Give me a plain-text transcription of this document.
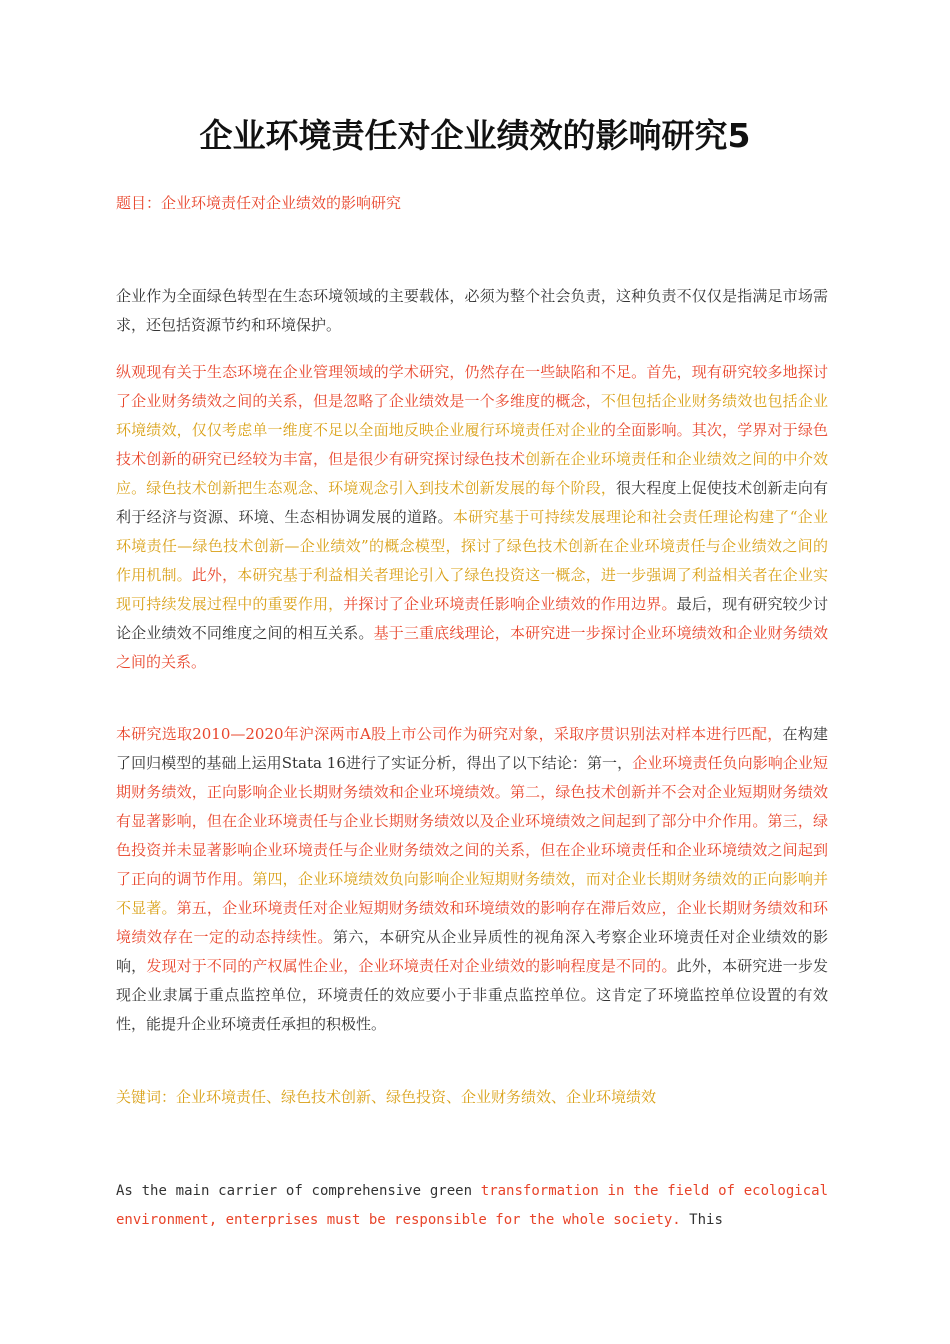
企业环境责任对企业绩效的影响研究5
题目：企业环境责任对企业绩效的影响研究
企业作为全面绿色转型在生态环境领域的主要载体，必须为整个社会负责，这种负责不仅仅是指满足市场需求，还包括资源节约和环境保护。
纵观现有关于生态环境在企业管理领域的学术研究，仍然存在一些缺陷和不足。首先，现有研究较多地探讨了企业财务绩效之间的关系，但是忽略了企业绩效是一个多维度的概念，不但包括企业财务绩效也包括企业环境绩效，仅仅考虑单一维度不足以全面地反映企业履行环境责任对企业的全面影响。其次，学界对于绿色技术创新的研究已经较为丰富，但是很少有研究探讨绿色技术创新在企业环境责任和企业绩效之间的中介效应。绿色技术创新把生态观念、环境观念引入到技术创新发展的每个阶段，很大程度上促使技术创新走向有利于经济与资源、环境、生态相协调发展的道路。本研究基于可持续发展理论和社会责任理论构建了“企业环境责任—绿色技术创新—企业绩效”的概念模型，探讨了绿色技术创新在企业环境责任与企业绩效之间的作用机制。此外，本研究基于利益相关者理论引入了绿色投资这一概念，进一步强调了利益相关者在企业实现可持续发展过程中的重要作用，并探讨了企业环境责任影响企业绩效的作用边界。最后，现有研究较少讨论企业绩效不同维度之间的相互关系。基于三重底线理论，本研究进一步探讨企业环境绩效和企业财务绩效之间的关系。
本研究选取2010—2020年沪深两市A股上市公司作为研究对象，采取序贯识别法对样本进行匹配，在构建了回归模型的基础上运用Stata 16进行了实证分析，得出了以下结论：第一，企业环境责任负向影响企业短期财务绩效，正向影响企业长期财务绩效和企业环境绩效。第二，绿色技术创新并不会对企业短期财务绩效有显著影响，但在企业环境责任与企业长期财务绩效以及企业环境绩效之间起到了部分中介作用。第三，绿色投资并未显著影响企业环境责任与企业财务绩效之间的关系，但在企业环境责任和企业环境绩效之间起到了正向的调节作用。第四，企业环境绩效负向影响企业短期财务绩效，而对企业长期财务绩效的正向影响并不显著。第五，企业环境责任对企业短期财务绩效和环境绩效的影响存在滞后效应，企业长期财务绩效和环境绩效存在一定的动态持续性。第六，本研究从企业异质性的视角深入考察企业环境责任对企业绩效的影响，发现对于不同的产权属性企业，企业环境责任对企业绩效的影响程度是不同的。此外，本研究进一步发现企业隶属于重点监控单位，环境责任的效应要小于非重点监控单位。这肯定了环境监控单位设置的有效性，能提升企业环境责任承担的积极性。
关键词：企业环境责任、绿色技术创新、绿色投资、企业财务绩效、企业环境绩效
As the main carrier of comprehensive green transformation in the field of ecological environment, enterprises must be responsible for the whole society. This
